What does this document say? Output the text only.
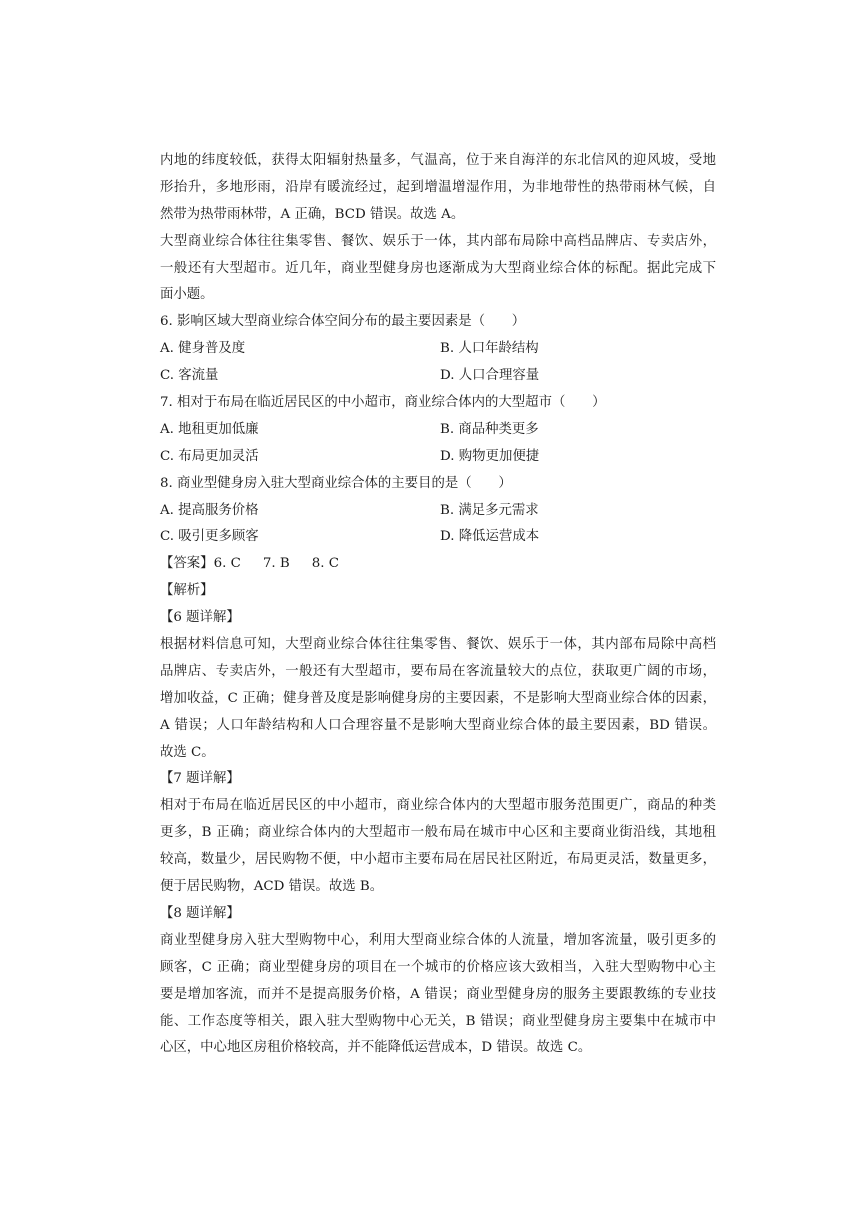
内地的纬度较低，获得太阳辐射热量多，气温高，位于来自海洋的东北信风的迎风坡，受地
形抬升，多地形雨，沿岸有暖流经过，起到增温增湿作用，为非地带性的热带雨林气候，自
然带为热带雨林带，A 正确，BCD 错误。故选 A。
大型商业综合体往往集零售、餐饮、娱乐于一体，其内部布局除中高档品牌店、专卖店外，
一般还有大型超市。近几年，商业型健身房也逐渐成为大型商业综合体的标配。据此完成下
面小题。
6. 影响区域大型商业综合体空间分布的最主要因素是（　　）
A. 健身普及度	B. 人口年龄结构
C. 客流量	D. 人口合理容量
7. 相对于布局在临近居民区的中小超市，商业综合体内的大型超市（　　）
A. 地租更加低廉	B. 商品种类更多
C. 布局更加灵活	D. 购物更加便捷
8. 商业型健身房入驻大型商业综合体的主要目的是（　　）
A. 提高服务价格	B. 满足多元需求
C. 吸引更多顾客	D. 降低运营成本
【答案】6. C 7. B 8. C
【解析】
【6 题详解】
根据材料信息可知，大型商业综合体往往集零售、餐饮、娱乐于一体，其内部布局除中高档
品牌店、专卖店外，一般还有大型超市，要布局在客流量较大的点位，获取更广阔的市场，
增加收益，C 正确；健身普及度是影响健身房的主要因素，不是影响大型商业综合体的因素，
A 错误；人口年龄结构和人口合理容量不是影响大型商业综合体的最主要因素，BD 错误。
故选 C。
【7 题详解】
相对于布局在临近居民区的中小超市，商业综合体内的大型超市服务范围更广，商品的种类
更多，B 正确；商业综合体内的大型超市一般布局在城市中心区和主要商业街沿线，其地租
较高，数量少，居民购物不便，中小超市主要布局在居民社区附近，布局更灵活，数量更多，
便于居民购物，ACD 错误。故选 B。
【8 题详解】
商业型健身房入驻大型购物中心，利用大型商业综合体的人流量，增加客流量，吸引更多的
顾客，C 正确；商业型健身房的项目在一个城市的价格应该大致相当，入驻大型购物中心主
要是增加客流，而并不是提高服务价格，A 错误；商业型健身房的服务主要跟教练的专业技
能、工作态度等相关，跟入驻大型购物中心无关，B 错误；商业型健身房主要集中在城市中
心区，中心地区房租价格较高，并不能降低运营成本，D 错误。故选 C。
